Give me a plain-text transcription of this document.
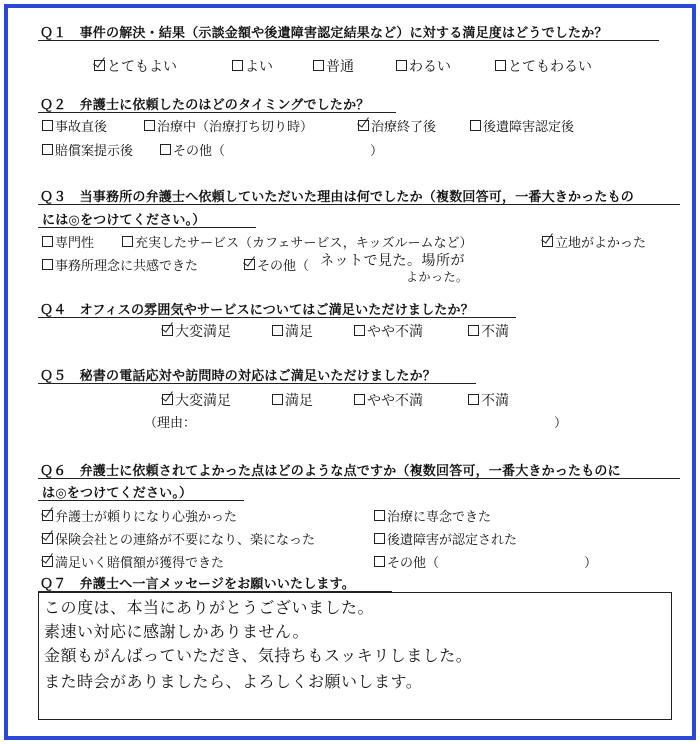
Ｑ１　事件の解決・結果（示談金額や後遺障害認定結果など）に対する満足度はどうでしたか？
とてもよい	よい	普通	わるい	とてもわるい
Ｑ２　弁護士に依頼したのはどのタイミングでしたか？
事故直後	治療中（治療打ち切り時）	治療終了後	後遺障害認定後
賠償案提示後	その他（	）
Ｑ３　当事務所の弁護士へ依頼していただいた理由は何でしたか（複数回答可，一番大きかったもの
には◎をつけてください。）
専門性	充実したサービス（カフェサービス，キッズルームなど）	立地がよかった
事務所理念に共感できた	その他（ ネットで見た。場所が
よかった。
Ｑ４　オフィスの雰囲気やサービスについてはご満足いただけましたか？
大変満足	満足	やや不満	不満
Ｑ５　秘書の電話応対や訪問時の対応はご満足いただけましたか？
大変満足	満足	やや不満	不満
（理由：	）
Ｑ６　弁護士に依頼されてよかった点はどのような点ですか（複数回答可，一番大きかったものに
は◎をつけてください。）
弁護士が頼りになり心強かった	治療に専念できた
保険会社との連絡が不要になり、楽になった	後遺障害が認定された
満足いく賠償額が獲得できた	その他（	）
Ｑ７　弁護士へ一言メッセージをお願いいたします。
この度は、本当にありがとうございました。
素速い対応に感謝しかありません。
金額もがんばっていただき、気持ちもスッキリしました。
また時会がありましたら、よろしくお願いします。
